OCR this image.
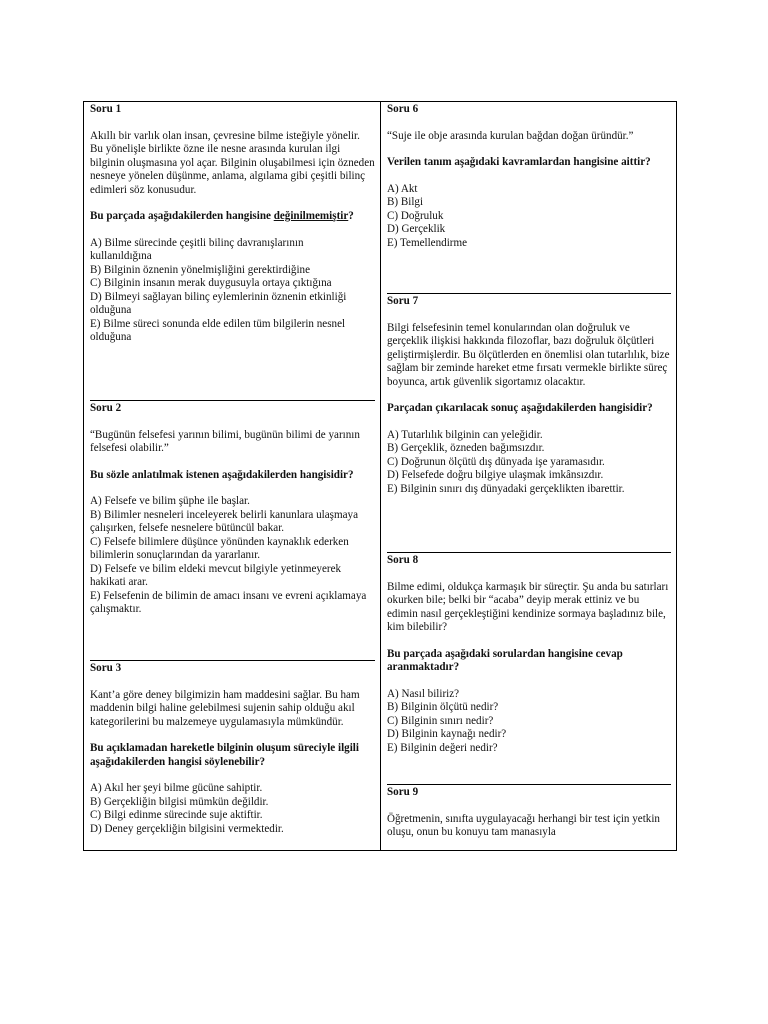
Soru 1

Akıllı bir varlık olan insan, çevresine bilme isteğiyle yönelir. Bu yönelişle birlikte özne ile nesne arasında kurulan ilgi bilginin oluşmasına yol açar. Bilginin oluşabilmesi için özneden nesneye yönelen düşünme, anlama, algılama gibi çeşitli bilinç edimleri söz konusudur.

Bu parçada aşağıdakilerden hangisine değinilmemiştir?

A) Bilme sürecinde çeşitli bilinç davranışlarının kullanıldığına

B) Bilginin öznenin yönelmişliğini gerektirdiğine

C) Bilginin insanın merak duygusuyla ortaya çıktığına

D) Bilmeyi sağlayan bilinç eylemlerinin öznenin etkinliği olduğuna

E) Bilme süreci sonunda elde edilen tüm bilgilerin nesnel olduğuna

Soru 2

“Bugünün felsefesi yarının bilimi, bugünün bilimi de yarının felsefesi olabilir.”

Bu sözle anlatılmak istenen aşağıdakilerden hangisidir?

A) Felsefe ve bilim şüphe ile başlar.

B) Bilimler nesneleri inceleyerek belirli kanunlara ulaşmaya çalışırken, felsefe nesnelere bütüncül bakar.

C) Felsefe bilimlere düşünce yönünden kaynaklık ederken bilimlerin sonuçlarından da yararlanır.

D) Felsefe ve bilim eldeki mevcut bilgiyle yetinmeyerek hakikati arar.

E) Felsefenin de bilimin de amacı insanı ve evreni açıklamaya çalışmaktır.

Soru 3

Kant’a göre deney bilgimizin ham maddesini sağlar. Bu ham maddenin bilgi haline gelebilmesi sujenin sahip olduğu akıl kategorilerini bu malzemeye uygulamasıyla mümkündür.

Bu açıklamadan hareketle bilginin oluşum süreciyle ilgili aşağıdakilerden hangisi söylenebilir?

A) Akıl her şeyi bilme gücüne sahiptir.

B) Gerçekliğin bilgisi mümkün değildir.

C) Bilgi edinme sürecinde suje aktiftir.

D) Deney gerçekliğin bilgisini vermektedir.

Soru 6

“Suje ile obje arasında kurulan bağdan doğan üründür.”

Verilen tanım aşağıdaki kavramlardan hangisine aittir?

A) Akt

B) Bilgi

C) Doğruluk

D) Gerçeklik

E) Temellendirme

Soru 7

Bilgi felsefesinin temel konularından olan doğruluk ve gerçeklik ilişkisi hakkında filozoflar, bazı doğruluk ölçütleri geliştirmişlerdir. Bu ölçütlerden en önemlisi olan tutarlılık, bize sağlam bir zeminde hareket etme fırsatı vermekle birlikte süreç boyunca, artık güvenlik sigortamız olacaktır.

Parçadan çıkarılacak sonuç aşağıdakilerden hangisidir?

A) Tutarlılık bilginin can yeleğidir.

B) Gerçeklik, özneden bağımsızdır.

C) Doğrunun ölçütü dış dünyada işe yaramasıdır.

D) Felsefede doğru bilgiye ulaşmak imkânsızdır.

E) Bilginin sınırı dış dünyadaki gerçeklikten ibarettir.

Soru 8

Bilme edimi, oldukça karmaşık bir süreçtir. Şu anda bu satırları okurken bile; belki bir “acaba” deyip merak ettiniz ve bu edimin nasıl gerçekleştiğini kendinize sormaya başladınız bile, kim bilebilir?

Bu parçada aşağıdaki sorulardan hangisine cevap aranmaktadır?

A) Nasıl biliriz?

B) Bilginin ölçütü nedir?

C) Bilginin sınırı nedir?

D) Bilginin kaynağı nedir?

E) Bilginin değeri nedir?

Soru 9

Öğretmenin, sınıfta uygulayacağı herhangi bir test için yetkin oluşu, onun bu konuyu tam manasıyla
